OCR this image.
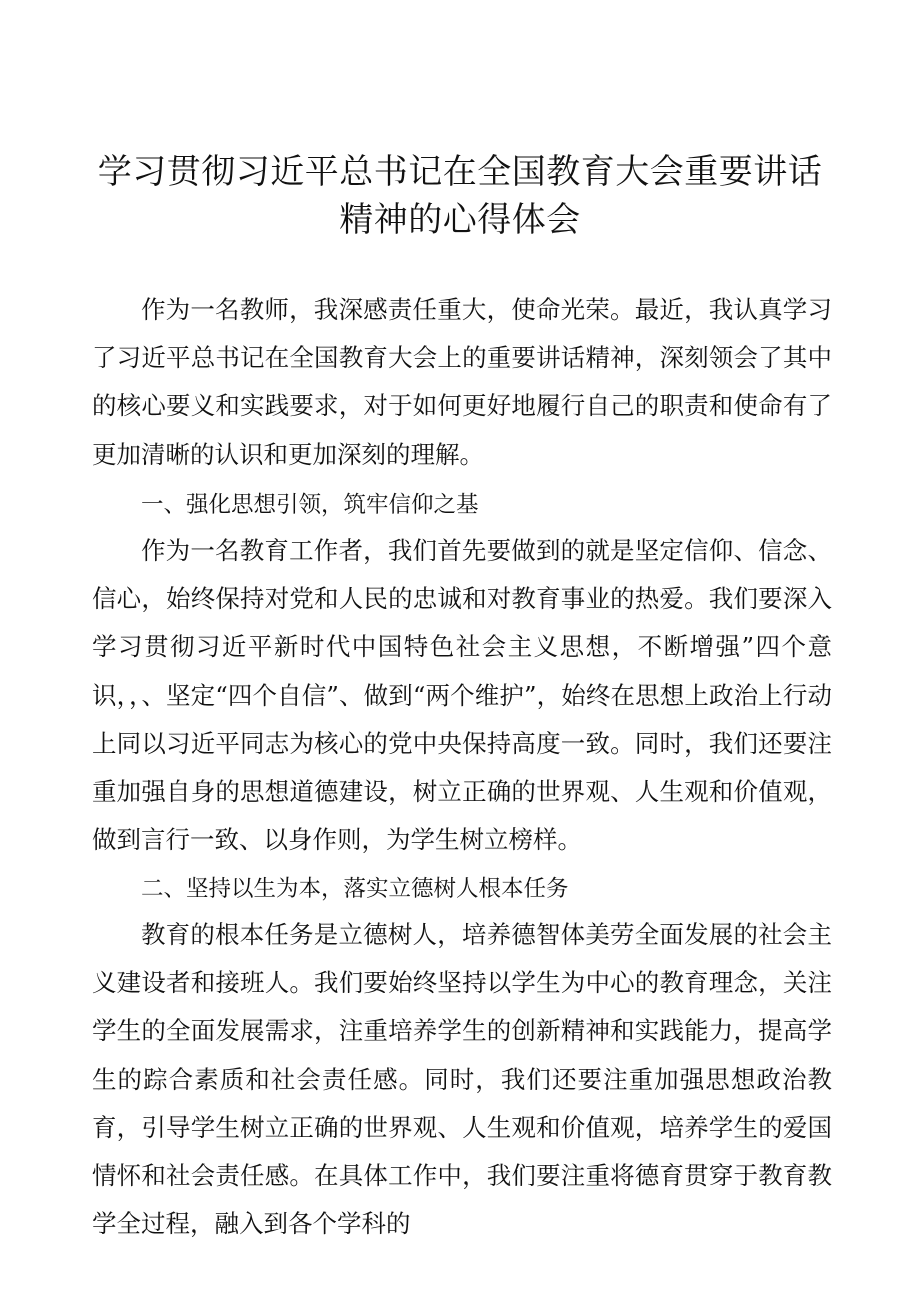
学习贯彻习近平总书记在全国教育大会重要讲话
精神的心得体会

作为一名教师，我深感责任重大，使命光荣。最近，我认真学习了习近平总书记在全国教育大会上的重要讲话精神，深刻领会了其中的核心要义和实践要求，对于如何更好地履行自己的职责和使命有了更加清晰的认识和更加深刻的理解。

一、强化思想引领，筑牢信仰之基

作为一名教育工作者，我们首先要做到的就是坚定信仰、信念、信心，始终保持对党和人民的忠诚和对教育事业的热爱。我们要深入学习贯彻习近平新时代中国特色社会主义思想，不断增强”四个意识，，、坚定“四个自信”、做到“两个维护”，始终在思想上政治上行动上同以习近平同志为核心的党中央保持高度一致。同时，我们还要注重加强自身的思想道德建设，树立正确的世界观、人生观和价值观，做到言行一致、以身作则，为学生树立榜样。

二、坚持以生为本，落实立德树人根本任务

教育的根本任务是立德树人，培养德智体美劳全面发展的社会主义建设者和接班人。我们要始终坚持以学生为中心的教育理念，关注学生的全面发展需求，注重培养学生的创新精神和实践能力，提高学生的踪合素质和社会责任感。同时，我们还要注重加强思想政治教育，引导学生树立正确的世界观、人生观和价值观，培养学生的爱国情怀和社会责任感。在具体工作中，我们要注重将德育贯穿于教育教学全过程，融入到各个学科的
